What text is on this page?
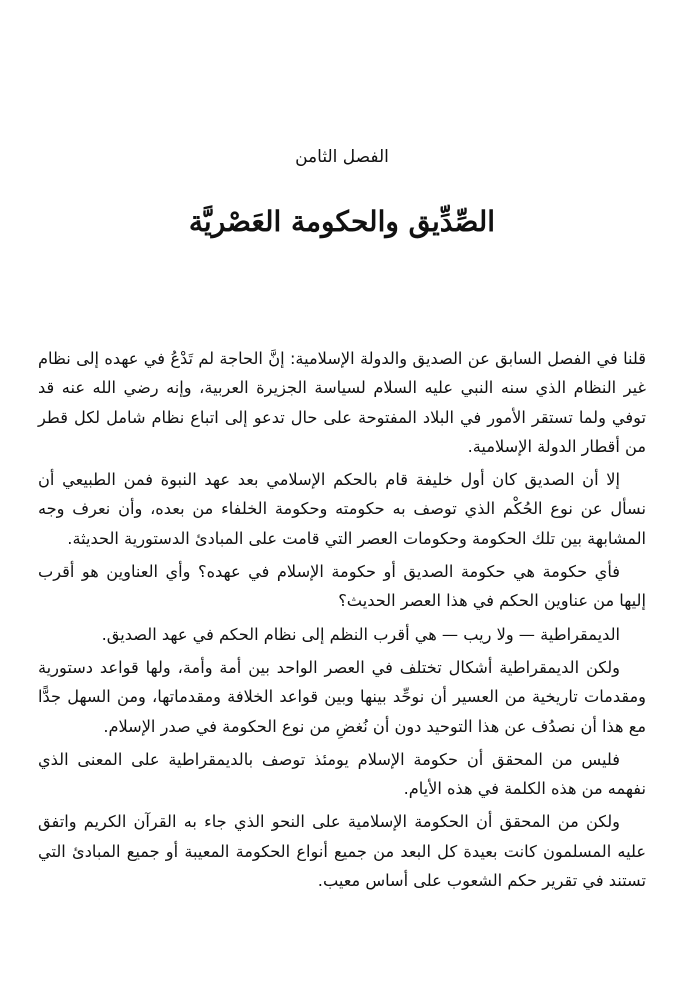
الفصل الثامن
الصِّدِّيق والحكومة العَصْريَّة

قلنا في الفصل السابق عن الصديق والدولة الإسلامية: إنَّ الحاجة لم تَدْعُ في عهده إلى نظام غير النظام الذي سنه النبي عليه السلام لسياسة الجزيرة العربية، وإنه رضي الله عنه قد توفي ولما تستقر الأمور في البلاد المفتوحة على حال تدعو إلى اتباع نظام شامل لكل قطر من أقطار الدولة الإسلامية.

إلا أن الصديق كان أول خليفة قام بالحكم الإسلامي بعد عهد النبوة فمن الطبيعي أن نسأل عن نوع الحُكْم الذي توصف به حكومته وحكومة الخلفاء من بعده، وأن نعرف وجه المشابهة بين تلك الحكومة وحكومات العصر التي قامت على المبادئ الدستورية الحديثة.

فأي حكومة هي حكومة الصديق أو حكومة الإسلام في عهده؟ وأي العناوين هو أقرب إليها من عناوين الحكم في هذا العصر الحديث؟

الديمقراطية — ولا ريب — هي أقرب النظم إلى نظام الحكم في عهد الصديق.

ولكن الديمقراطية أشكال تختلف في العصر الواحد بين أمة وأمة، ولها قواعد دستورية ومقدمات تاريخية من العسير أن نوحِّد بينها وبين قواعد الخلافة ومقدماتها، ومن السهل جدًّا مع هذا أن نصدُف عن هذا التوحيد دون أن نُغضِ من نوع الحكومة في صدر الإسلام.

فليس من المحقق أن حكومة الإسلام يومئذ توصف بالديمقراطية على المعنى الذي نفهمه من هذه الكلمة في هذه الأيام.

ولكن من المحقق أن الحكومة الإسلامية على النحو الذي جاء به القرآن الكريم واتفق عليه المسلمون كانت بعيدة كل البعد من جميع أنواع الحكومة المعيبة أو جميع المبادئ التي تستند في تقرير حكم الشعوب على أساس معيب.
